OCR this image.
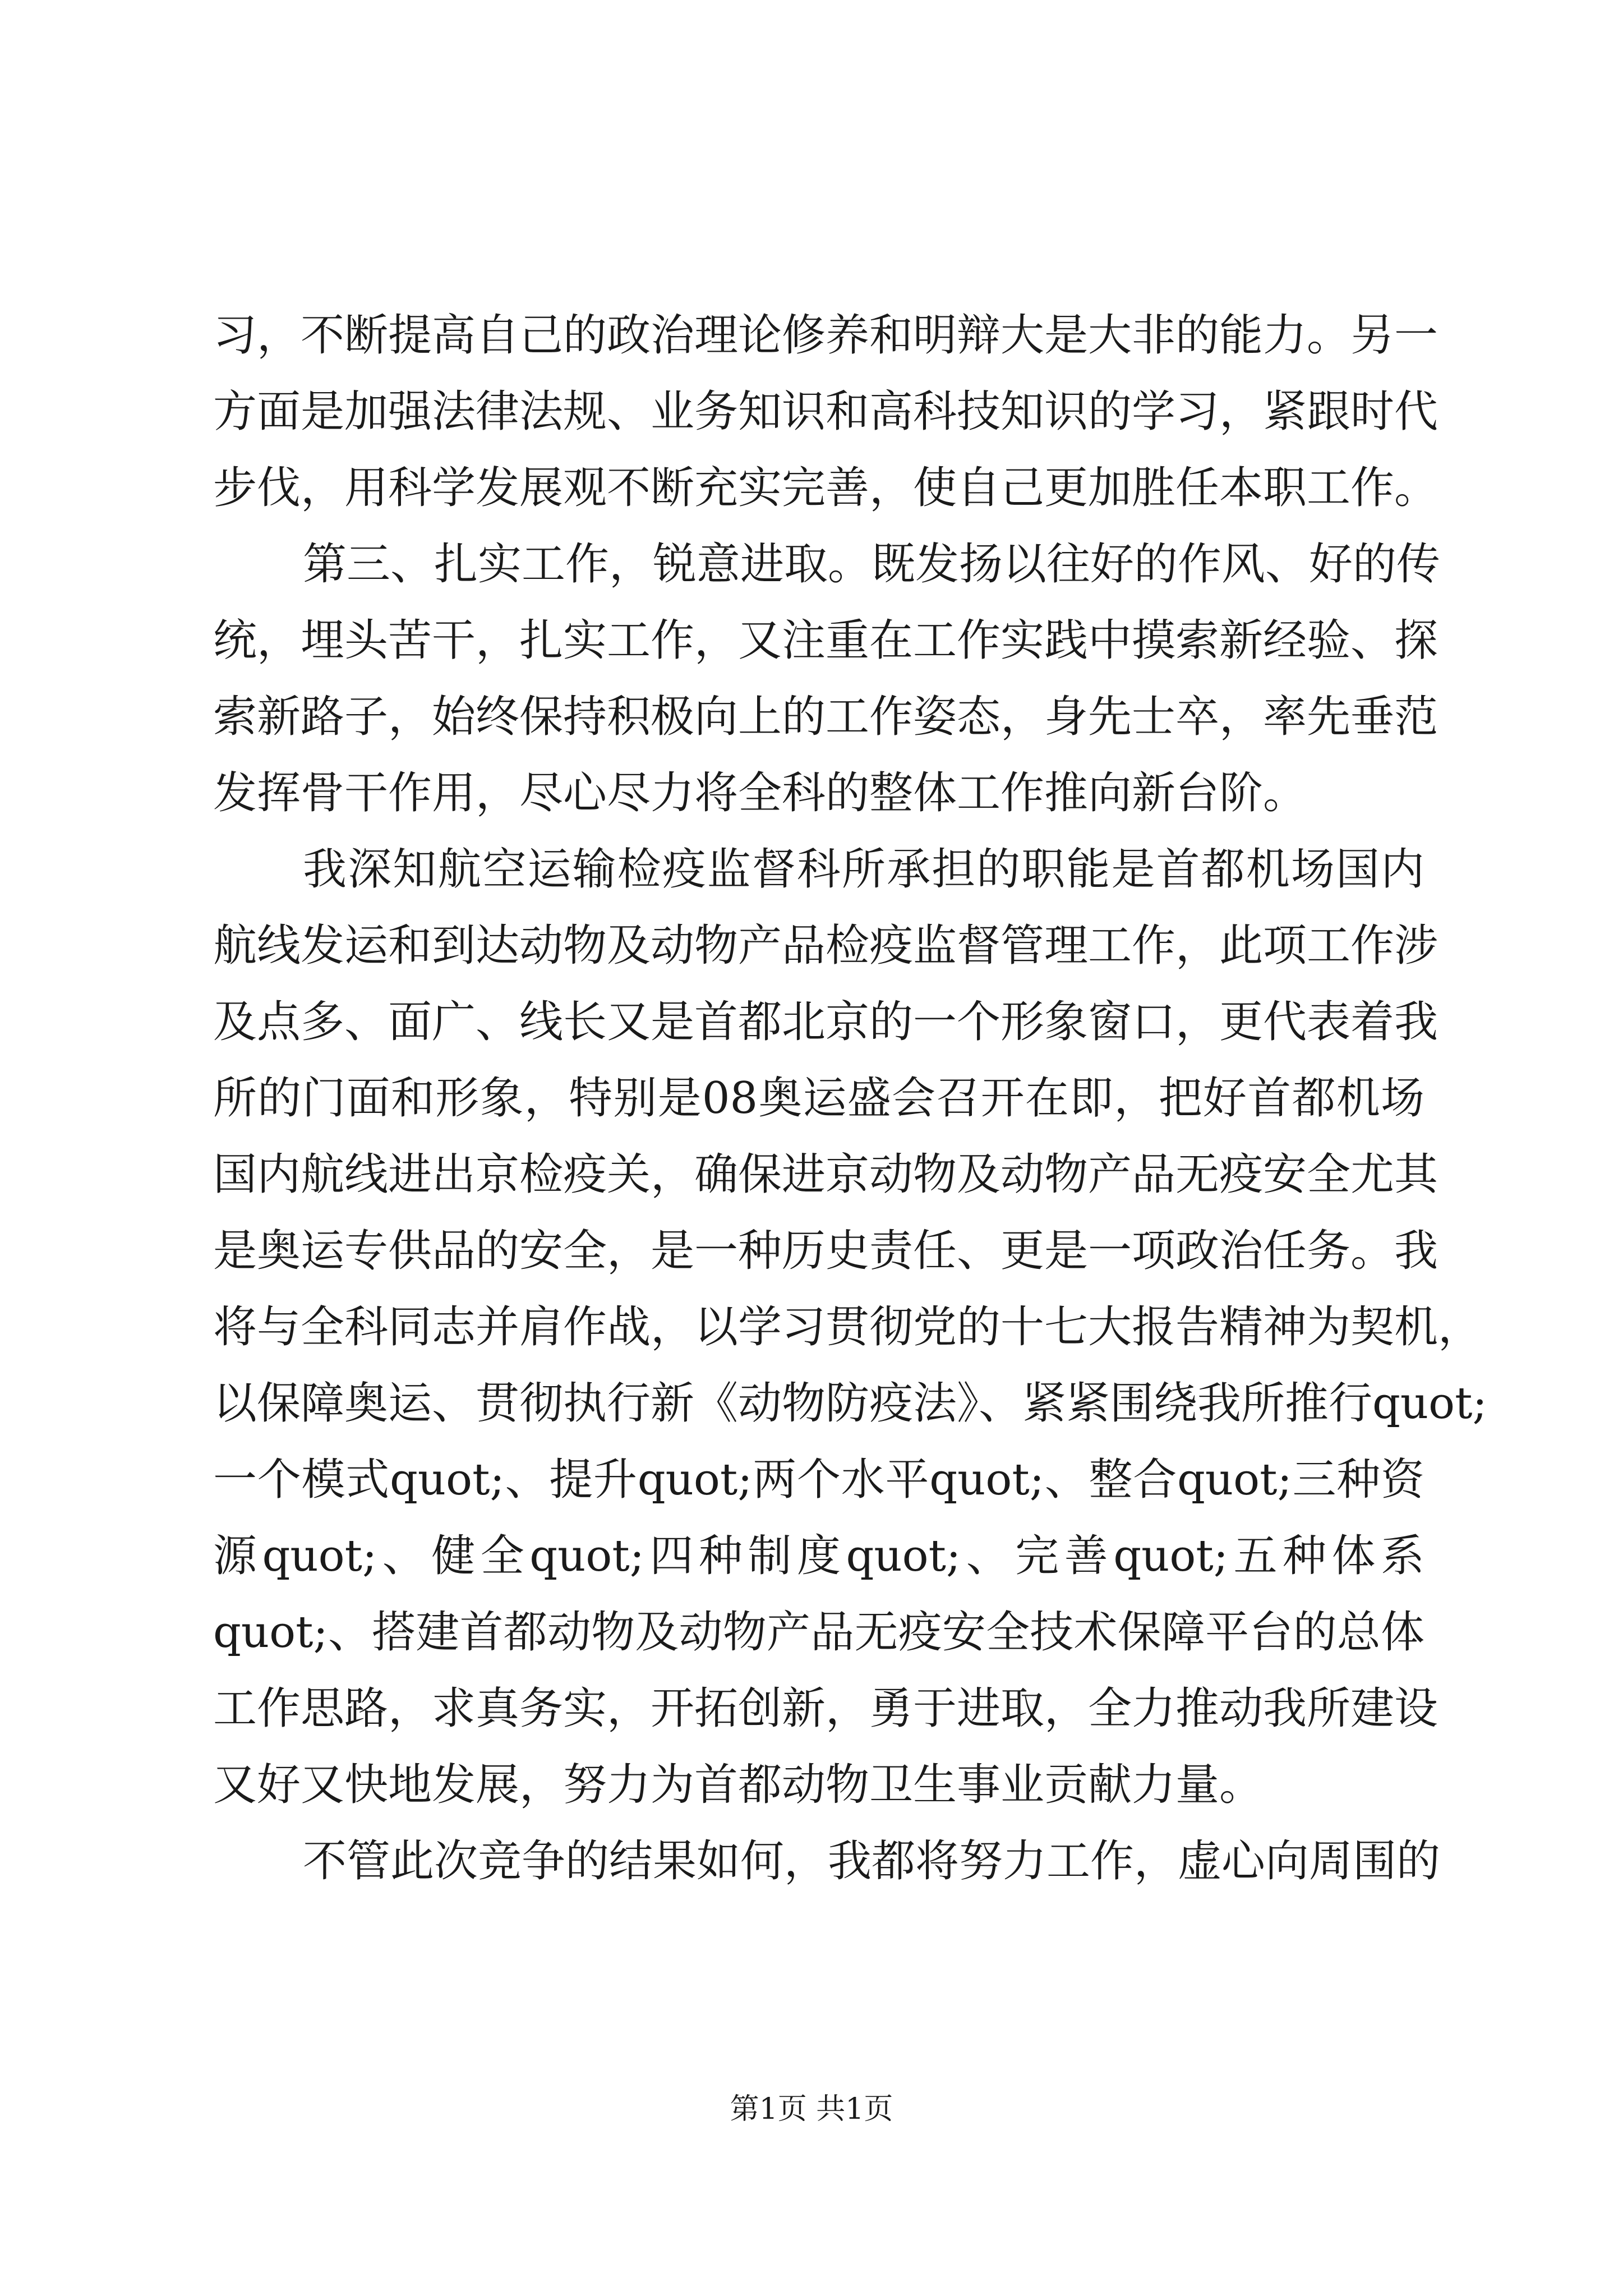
习，不断提高自己的政治理论修养和明辩大是大非的能力。另一
方面是加强法律法规、业务知识和高科技知识的学习，紧跟时代
步伐，用科学发展观不断充实完善，使自己更加胜任本职工作。
第三、扎实工作，锐意进取。既发扬以往好的作风、好的传
统，埋头苦干，扎实工作，又注重在工作实践中摸索新经验、探
索新路子，始终保持积极向上的工作姿态，身先士卒，率先垂范
发挥骨干作用，尽心尽力将全科的整体工作推向新台阶。
我深知航空运输检疫监督科所承担的职能是首都机场国内
航线发运和到达动物及动物产品检疫监督管理工作，此项工作涉
及点多、面广、线长又是首都北京的一个形象窗口，更代表着我
所的门面和形象，特别是08奥运盛会召开在即，把好首都机场
国内航线进出京检疫关，确保进京动物及动物产品无疫安全尤其
是奥运专供品的安全，是一种历史责任、更是一项政治任务。我
将与全科同志并肩作战，以学习贯彻党的十七大报告精神为契机，
以保障奥运、贯彻执行新《动物防疫法》、紧紧围绕我所推行quot;
一个模式quot;、提升quot;两个水平quot;、整合quot;三种资
源quot;、健全quot;四种制度quot;、完善quot;五种体系
quot;、搭建首都动物及动物产品无疫安全技术保障平台的总体
工作思路，求真务实，开拓创新，勇于进取，全力推动我所建设
又好又快地发展，努力为首都动物卫生事业贡献力量。
不管此次竞争的结果如何，我都将努力工作，虚心向周围的
第1页 共1页
